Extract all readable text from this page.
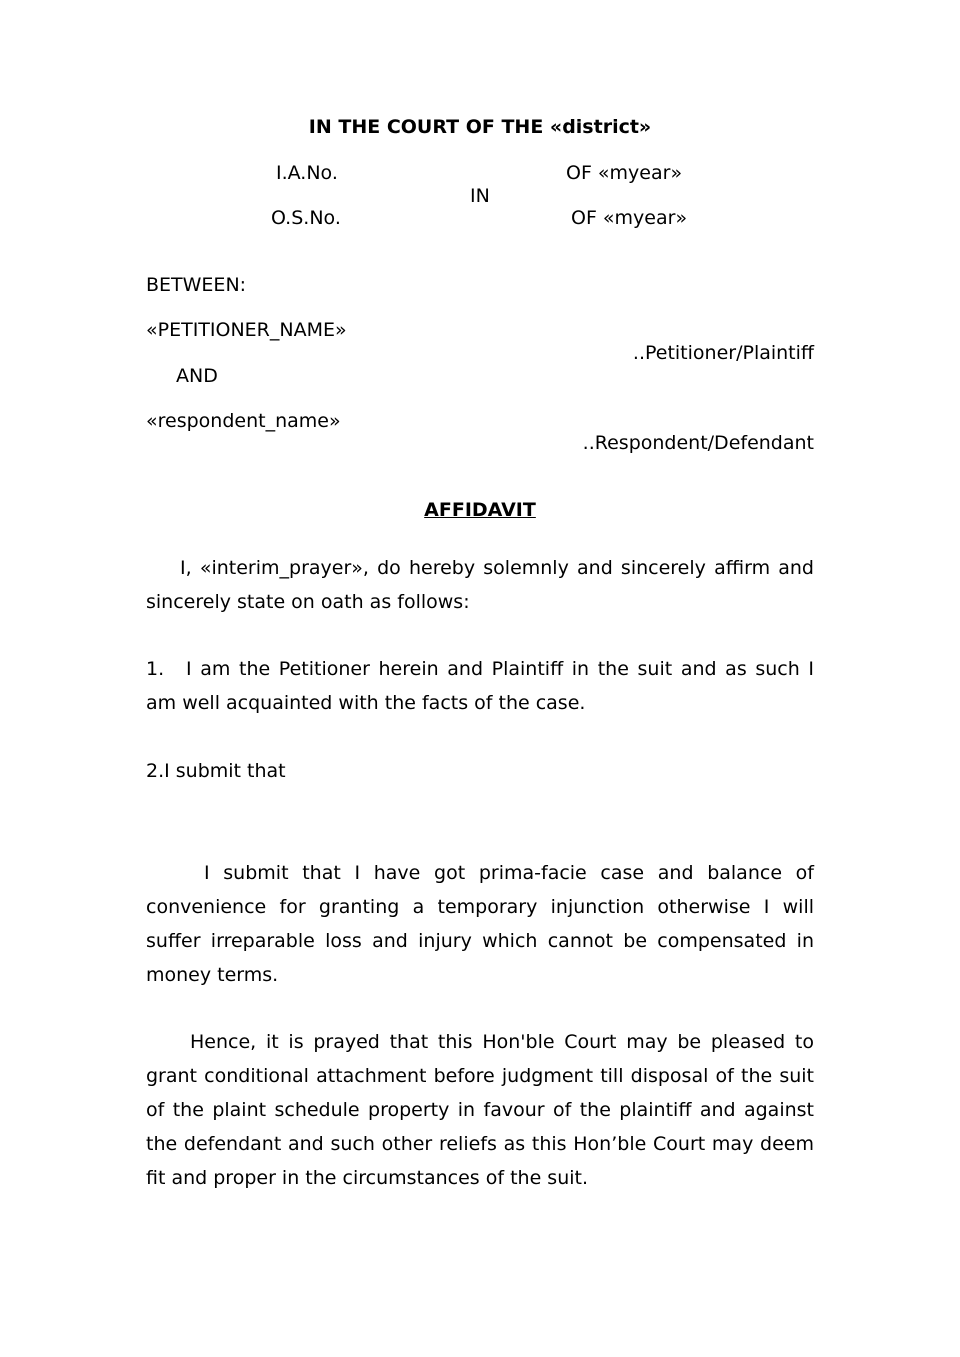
IN THE COURT OF THE «district»
I.A.No.	OF «myear»
IN
O.S.No.	OF «myear»
BETWEEN:
«PETITIONER_NAME»
..Petitioner/Plaintiff
AND
«respondent_name»
..Respondent/Defendant
AFFIDAVIT
I, «interim_prayer», do hereby solemnly and sincerely affirm and sincerely state on oath as follows:
1. I am the Petitioner herein and Plaintiff in the suit and as such I am well acquainted with the facts of the case.
2.I submit that
I submit that I have got prima-facie case and balance of convenience for granting a temporary injunction otherwise I will suffer irreparable loss and injury which cannot be compensated in money terms.
Hence, it is prayed that this Hon'ble Court may be pleased to grant conditional attachment before judgment till disposal of the suit of the plaint schedule property in favour of the plaintiff and against the defendant and such other reliefs as this Hon’ble Court may deem fit and proper in the circumstances of the suit.
